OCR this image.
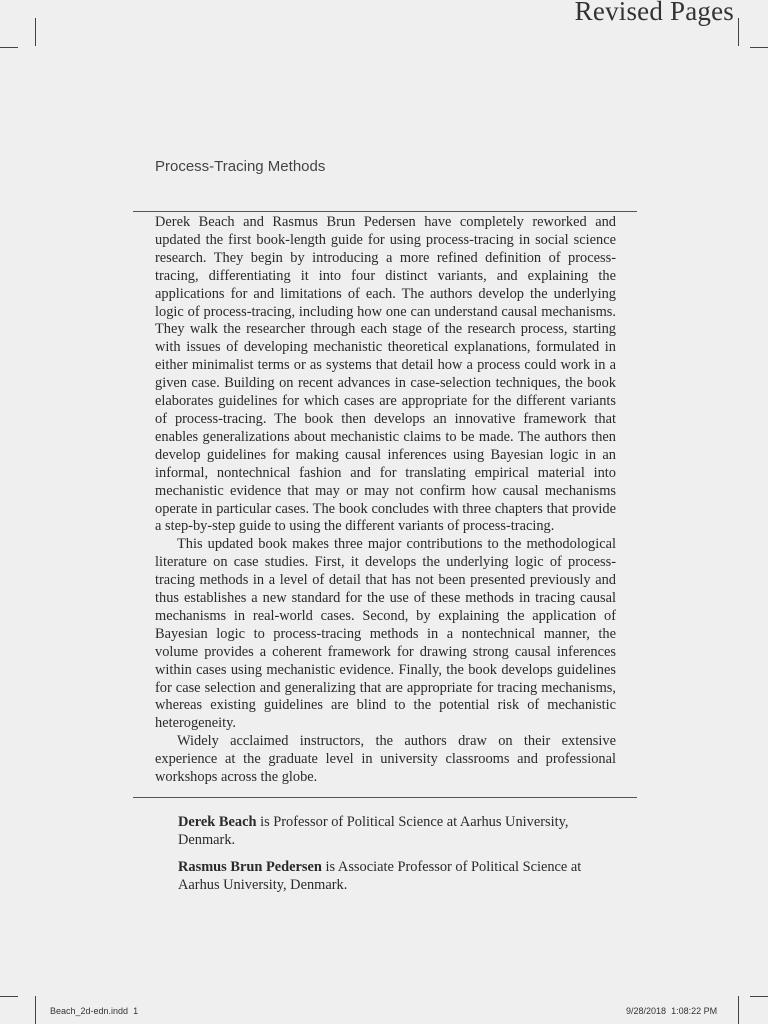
Revised Pages
Process-Tracing Methods

Derek Beach and Rasmus Brun Pedersen have completely reworked and updated the first book-length guide for using process-tracing in social science research. They begin by introducing a more refined definition of process-tracing, differentiating it into four distinct variants, and explaining the applications for and limitations of each. The authors develop the underlying logic of process-tracing, including how one can understand causal mechanisms. They walk the researcher through each stage of the research process, starting with issues of developing mechanistic theoretical explanations, formulated in either minimalist terms or as systems that detail how a process could work in a given case. Building on recent advances in case-selection techniques, the book elaborates guidelines for which cases are appropriate for the different variants of process-tracing. The book then develops an innovative framework that enables generalizations about mechanistic claims to be made. The authors then develop guidelines for making causal inferences using Bayesian logic in an informal, nontechnical fashion and for translating empirical material into mechanistic evidence that may or may not confirm how causal mechanisms operate in particular cases. The book concludes with three chapters that provide a step-by-step guide to using the different variants of process-tracing.

This updated book makes three major contributions to the methodological literature on case studies. First, it develops the underlying logic of process-tracing methods in a level of detail that has not been presented previously and thus establishes a new standard for the use of these methods in tracing causal mechanisms in real-world cases. Second, by explaining the application of Bayesian logic to process-tracing methods in a nontechnical manner, the volume provides a coherent framework for drawing strong causal inferences within cases using mechanistic evidence. Finally, the book develops guidelines for case selection and generalizing that are appropriate for tracing mechanisms, whereas existing guidelines are blind to the potential risk of mechanistic heterogeneity.

Widely acclaimed instructors, the authors draw on their extensive experience at the graduate level in university classrooms and professional workshops across the globe.

Derek Beach is Professor of Political Science at Aarhus University, Denmark.

Rasmus Brun Pedersen is Associate Professor of Political Science at Aarhus University, Denmark.

Beach_2d-edn.indd 1	9/28/2018 1:08:22 PM
